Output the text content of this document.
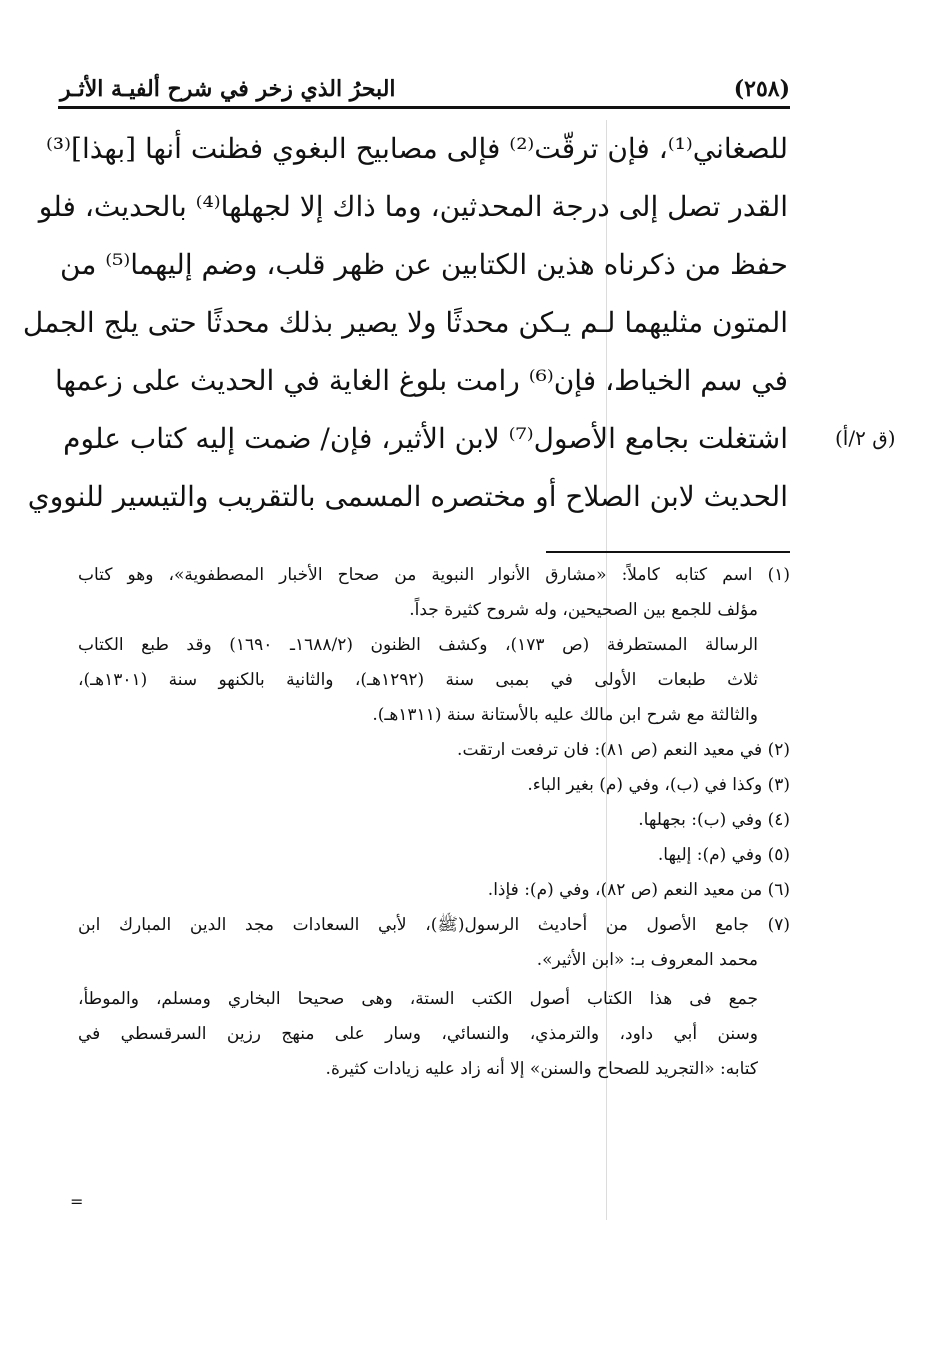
(٢٥٨)
البحرُ الذي زخر في شرح ألفيـة الأثـر
للصغاني⁽¹⁾، فإن ترقّت⁽²⁾ فإلى مصابيح البغوي فظنت أنها [بهذا]⁽³⁾
القدر تصل إلى درجة المحدثين، وما ذاك إلا لجهلها⁽⁴⁾ بالحديث، فلو
حفظ من ذكرناه هذين الكتابين عن ظهر قلب، وضم إليهما⁽⁵⁾ من
المتون مثليهما لـم يـكن محدثًا ولا يصير بذلك محدثًا حتى يلج الجمل
في سم الخياط، فإن⁽⁶⁾ رامت بلوغ الغاية في الحديث على زعمها
اشتغلت بجامع الأصول⁽⁷⁾ لابن الأثير، فإن/ ضمت إليه كتاب علوم
الحديث لابن الصلاح أو مختصره المسمى بالتقريب والتيسير للنووي
(ق ٢/أ)
(١) اسم كتابه كاملاً: «مشارق الأنوار النبوية من صحاح الأخبار المصطفوية»، وهو كتاب
مؤلف للجمع بين الصحيحين، وله شروح كثيرة جداً.
الرسالة المستطرفة (ص ١٧٣)، وكشف الظنون (١٦٨٨/٢ـ ١٦٩٠) وقد طبع الكتاب
ثلاث طبعات الأولى في بمبى سنة (١٢٩٢هـ)، والثانية بالكنهو سنة (١٣٠١هـ)،
والثالثة مع شرح ابن مالك عليه بالأستانة سنة (١٣١١هـ).
(٢) في معيد النعم (ص ٨١): فان ترفعت ارتقت.
(٣) وكذا في (ب)، وفي (م) بغير الباء.
(٤) وفي (ب): بجهلها.
(٥) وفي (م): إليها.
(٦) من معيد النعم (ص ٨٢)، وفي (م): فإذا.
(٧) جامع الأصول من أحاديث الرسول(ﷺ)، لأبي السعادات مجد الدين المبارك ابن
محمد المعروف بـ: «ابن الأثير».
جمع فى هذا الكتاب أصول الكتب الستة، وهى صحيحا البخاري ومسلم، والموطأ،
وسنن أبي داود، والترمذي، والنسائي، وسار على منهج رزين السرقسطي في
كتابه: «التجريد للصحاح والسنن» إلا أنه زاد عليه زيادات كثيرة.
=
